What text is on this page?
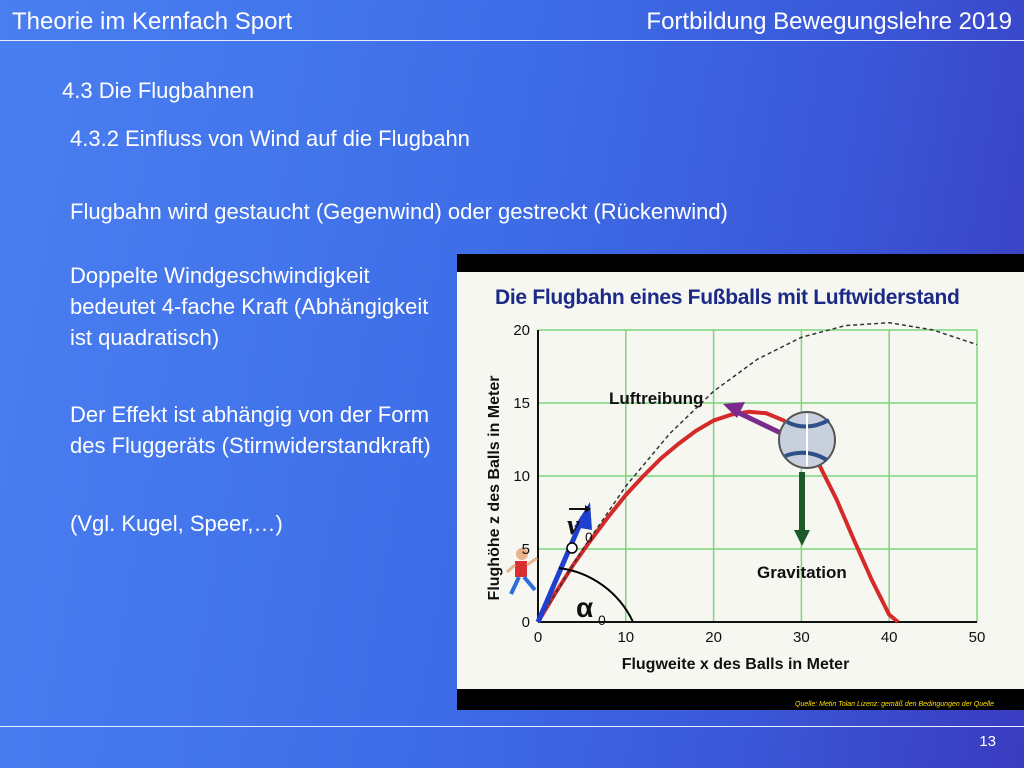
Theorie im Kernfach Sport	Fortbildung Bewegungslehre 2019
4.3 Die Flugbahnen
4.3.2 Einfluss von Wind auf die Flugbahn
Flugbahn wird gestaucht (Gegenwind) oder gestreckt (Rückenwind)
Doppelte Windgeschwindigkeit bedeutet 4-fache Kraft (Abhängigkeit ist quadratisch)
Der Effekt ist abhängig von der Form des Fluggeräts (Stirnwiderstandkraft)
(Vgl. Kugel, Speer,…)
Die Flugbahn eines Fußballs mit Luftwiderstand
Luftreibung
Gravitation
v 0
α 0
0	10	20	30	40	50
0
5
10
15
20
Flugweite x des Balls in Meter
Flughöhe z des Balls in Meter
Quelle: Metin Tolan Lizenz: gemäß den Bedingungen der Quelle
13
